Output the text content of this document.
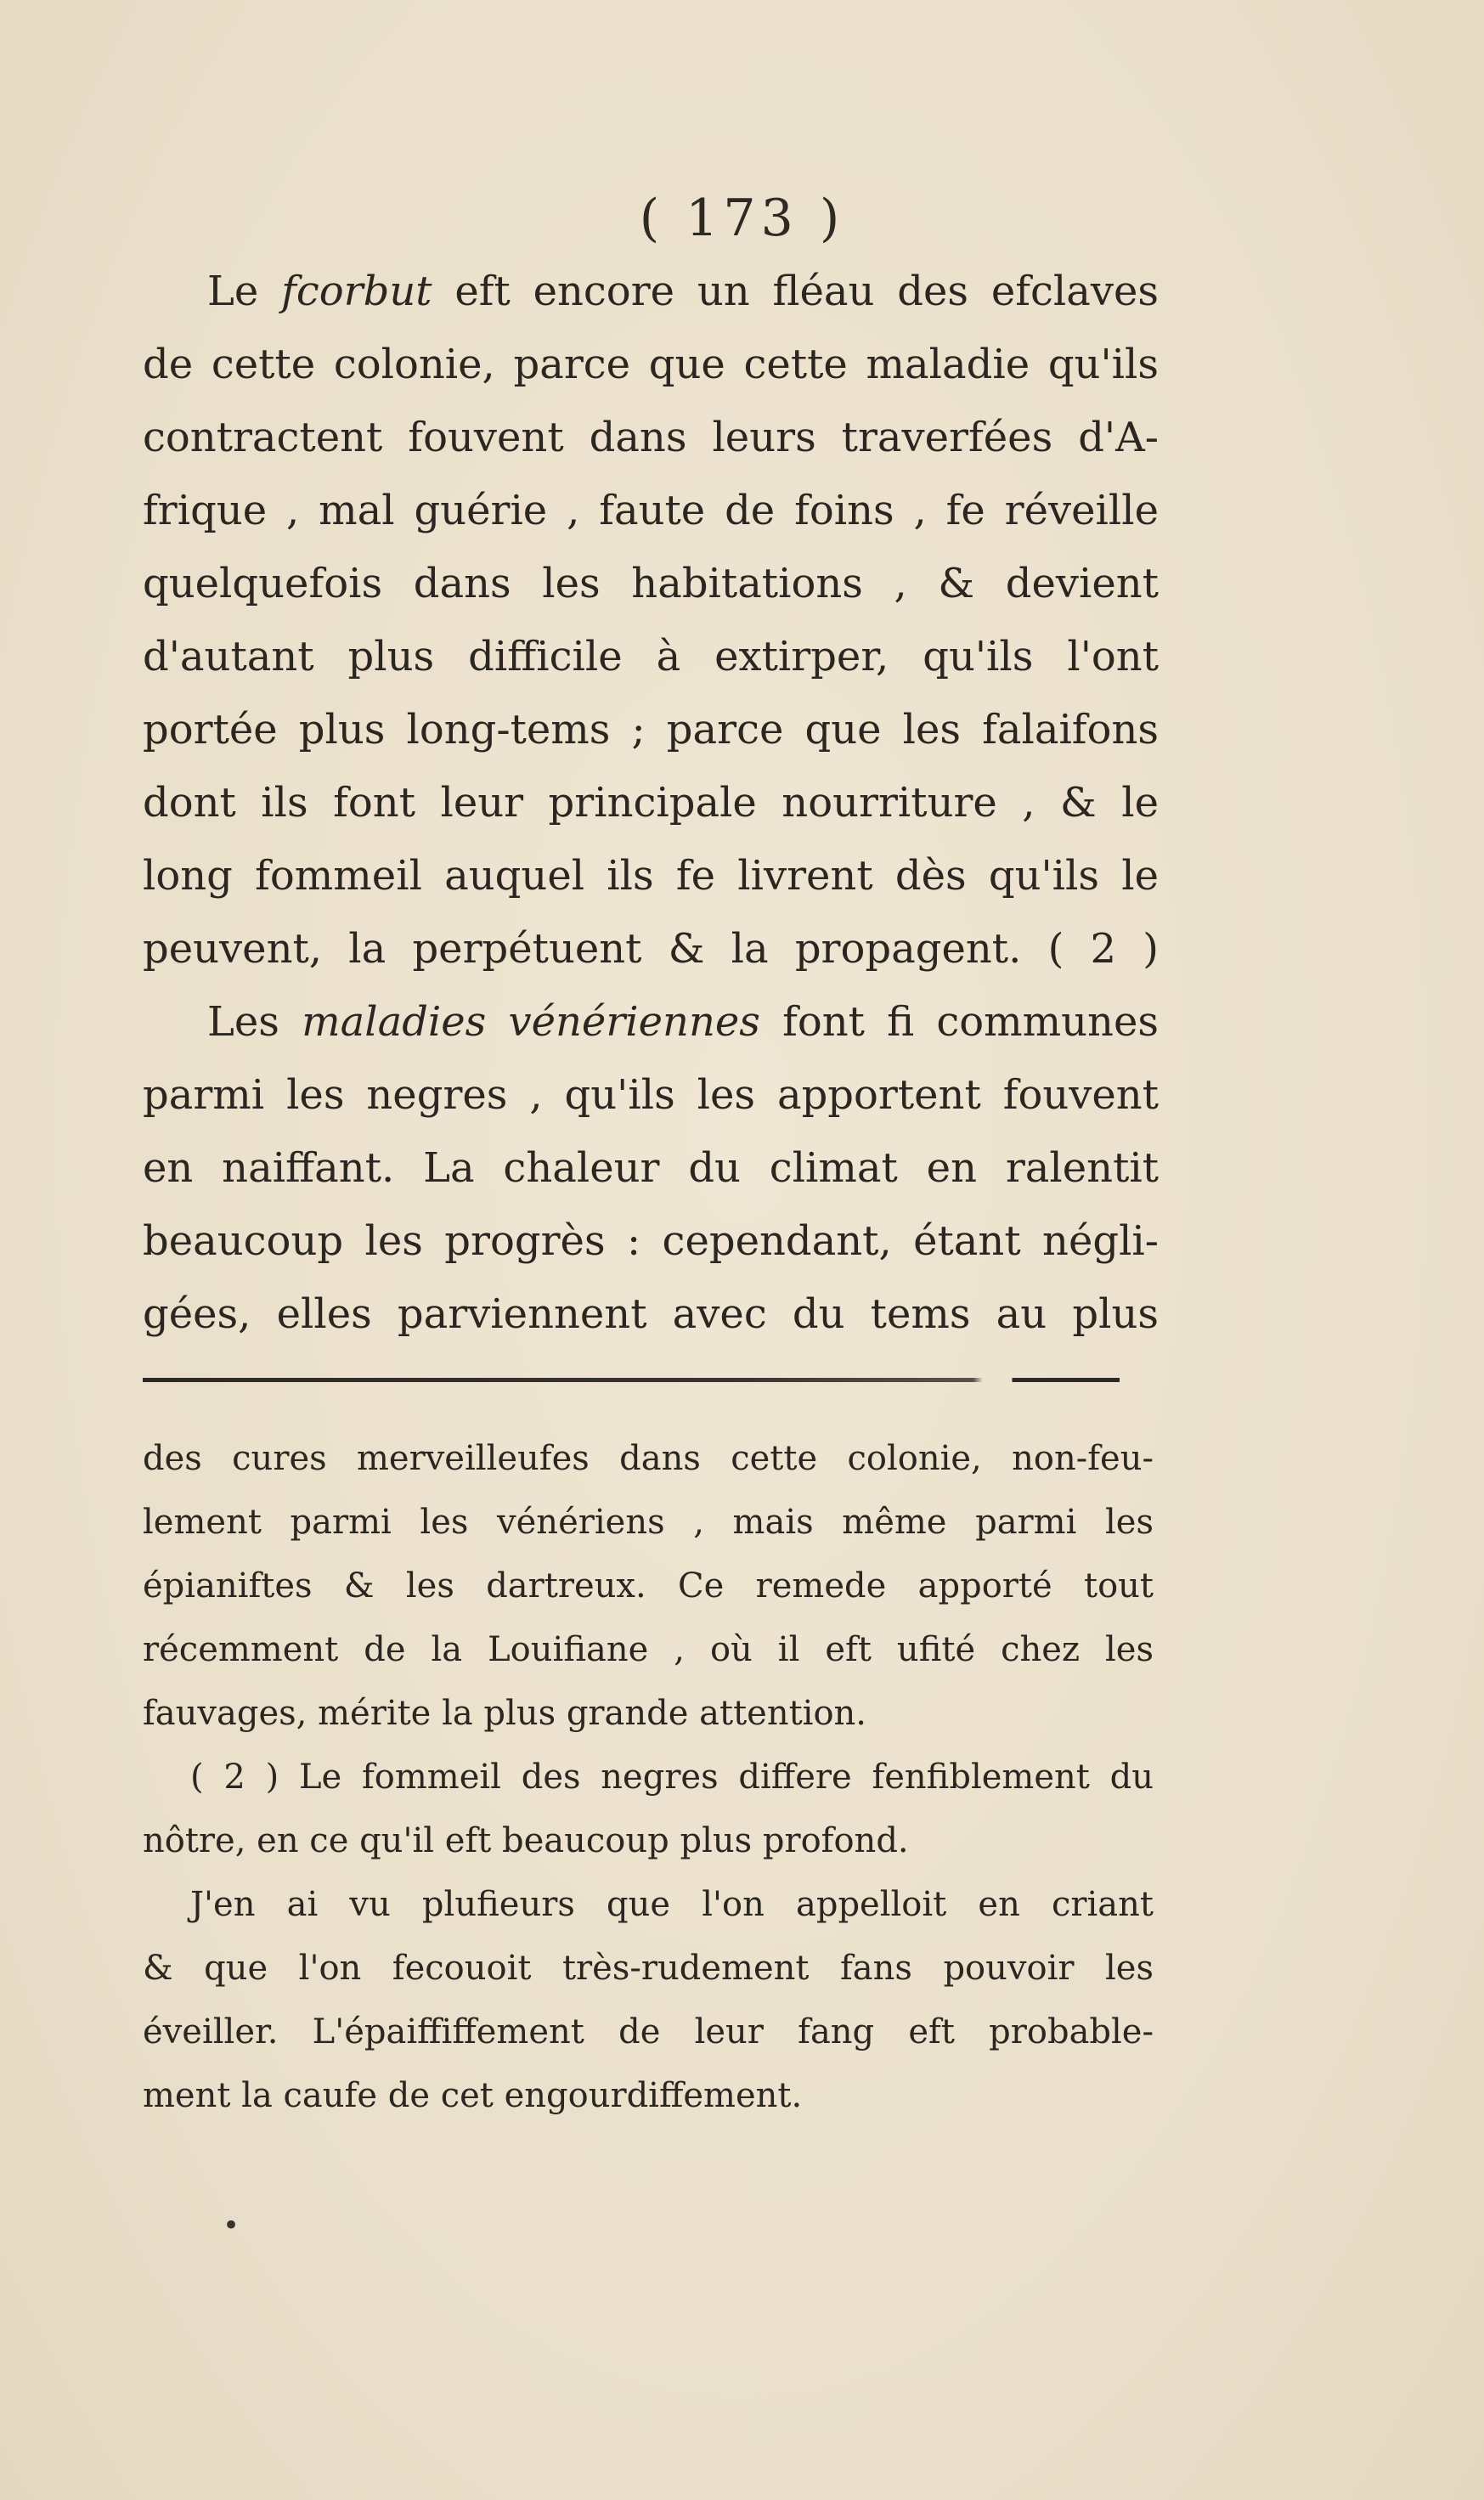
( 173 )
Le fcorbut eft encore un fléau des efclaves
de cette colonie, parce que cette maladie qu'ils
contractent fouvent dans leurs traverfées d'A-
frique , mal guérie , faute de foins , fe réveille
quelquefois dans les habitations , & devient
d'autant plus difficile à extirper, qu'ils l'ont
portée plus long-tems ; parce que les falaifons
dont ils font leur principale nourriture , & le
long fommeil auquel ils fe livrent dès qu'ils le
peuvent, la perpétuent & la propagent. ( 2 )
Les maladies vénériennes font fi communes
parmi les negres , qu'ils les apportent fouvent
en naiffant. La chaleur du climat en ralentit
beaucoup les progrès : cependant, étant négli-
gées, elles parviennent avec du tems au plus
des cures merveilleufes dans cette colonie, non-feu-
lement parmi les vénériens , mais même parmi les
épianiftes & les dartreux. Ce remede apporté tout
récemment de la Louifiane , où il eft ufité chez les
fauvages, mérite la plus grande attention.
( 2 ) Le fommeil des negres differe fenfiblement du
nôtre, en ce qu'il eft beaucoup plus profond.
J'en ai vu plufieurs que l'on appelloit en criant
& que l'on fecouoit très-rudement fans pouvoir les
éveiller. L'épaiffiffement de leur fang eft probable-
ment la caufe de cet engourdiffement.
•
